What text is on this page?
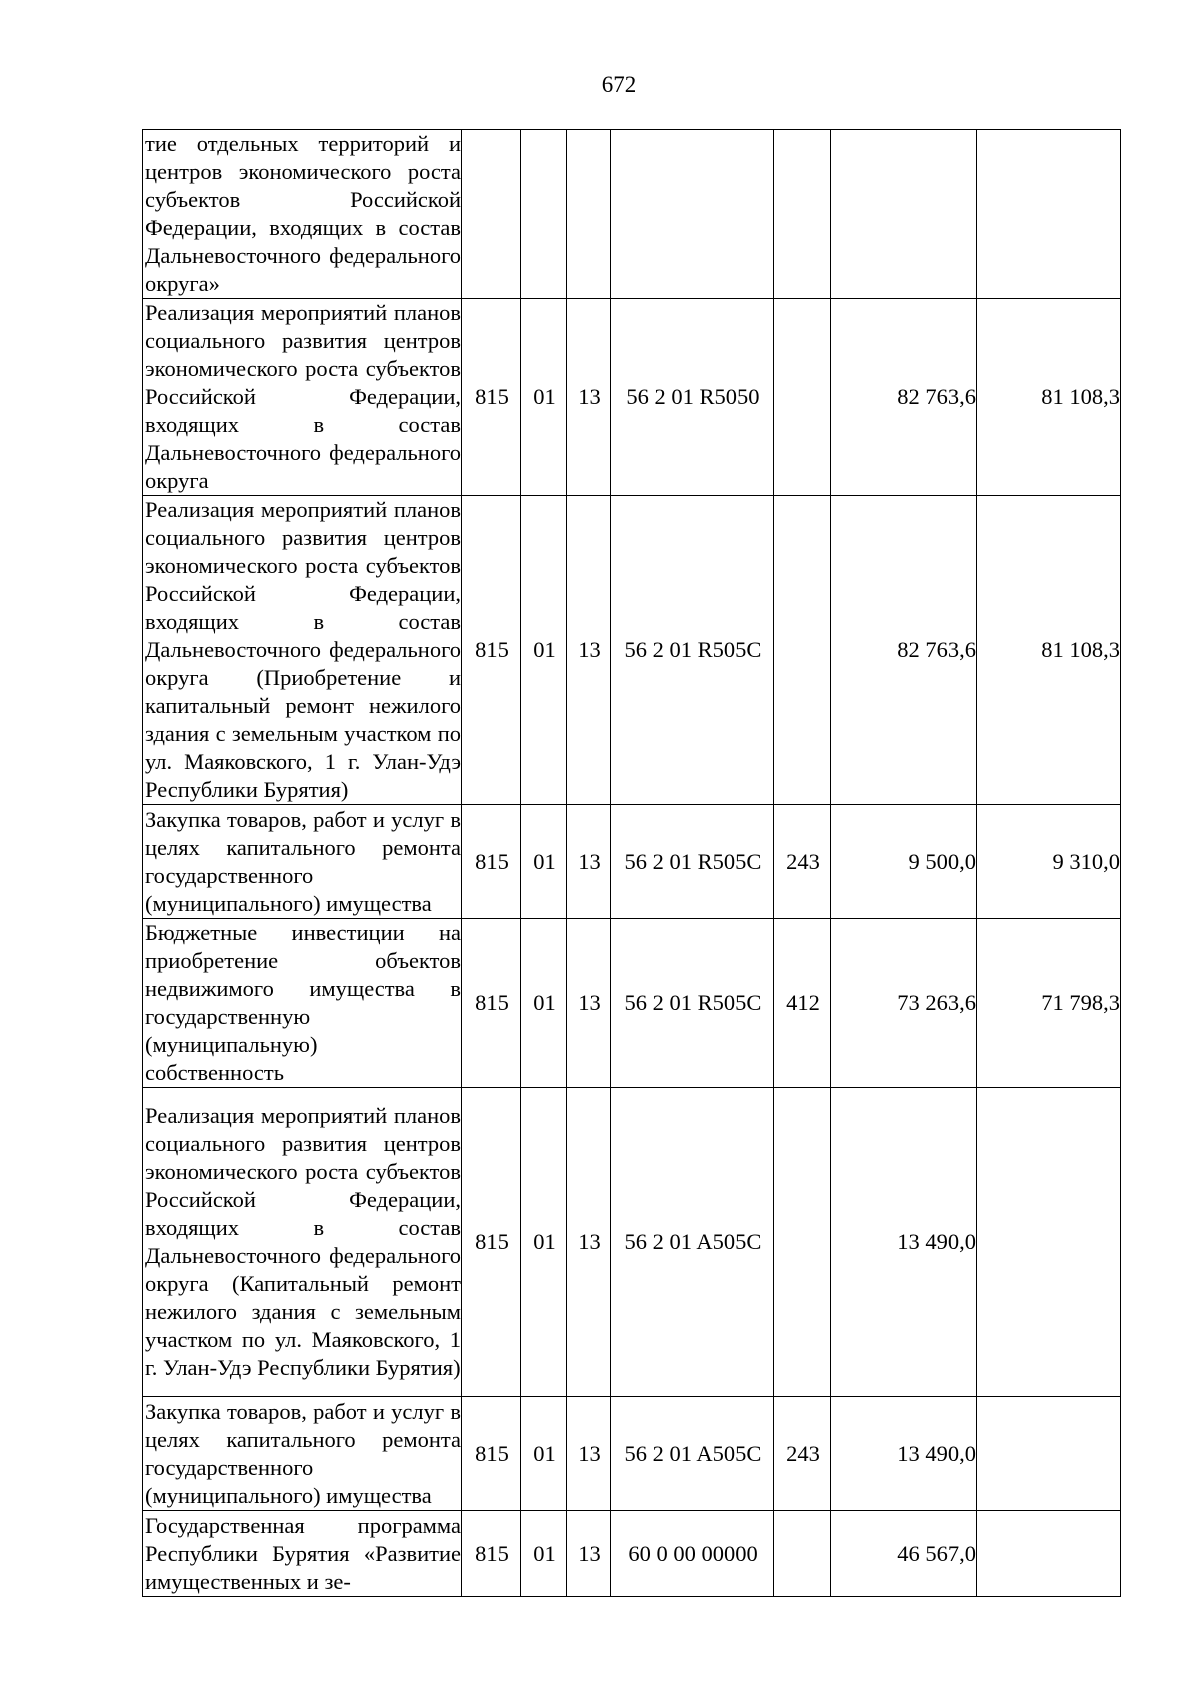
672
тие отдельных территорий и центров экономического роста субъектов Российской Федерации, входящих в состав Дальневосточного федерального округа»							
Реализация мероприятий планов социального развития центров экономического роста субъектов Российской Федерации, входящих в состав Дальневосточного федерального округа	815	01	13	56 2 01 R5050		82 763,6	81 108,3
Реализация мероприятий планов социального развития центров экономического роста субъектов Российской Федерации, входящих в состав Дальневосточного федерального округа (Приобретение и капитальный ремонт нежилого здания с земельным участком по ул. Маяковского, 1 г. Улан-Удэ Республики Бурятия)	815	01	13	56 2 01 R505C		82 763,6	81 108,3
Закупка товаров, работ и услуг в целях капитального ремонта государственного (муниципального) имущества	815	01	13	56 2 01 R505C	243	9 500,0	9 310,0
Бюджетные инвестиции на приобретение объектов недвижимого имущества в государственную (муниципальную) собственность	815	01	13	56 2 01 R505C	412	73 263,6	71 798,3
Реализация мероприятий планов социального развития центров экономического роста субъектов Российской Федерации, входящих в состав Дальневосточного федерального округа (Капитальный ремонт нежилого здания с земельным участком по ул. Маяковского, 1 г. Улан-Удэ Республики Бурятия)	815	01	13	56 2 01 A505C		13 490,0	
Закупка товаров, работ и услуг в целях капитального ремонта государственного (муниципального) имущества	815	01	13	56 2 01 A505C	243	13 490,0	
Государственная программа Республики Бурятия «Развитие имущественных и зе-	815	01	13	60 0 00 00000		46 567,0	
